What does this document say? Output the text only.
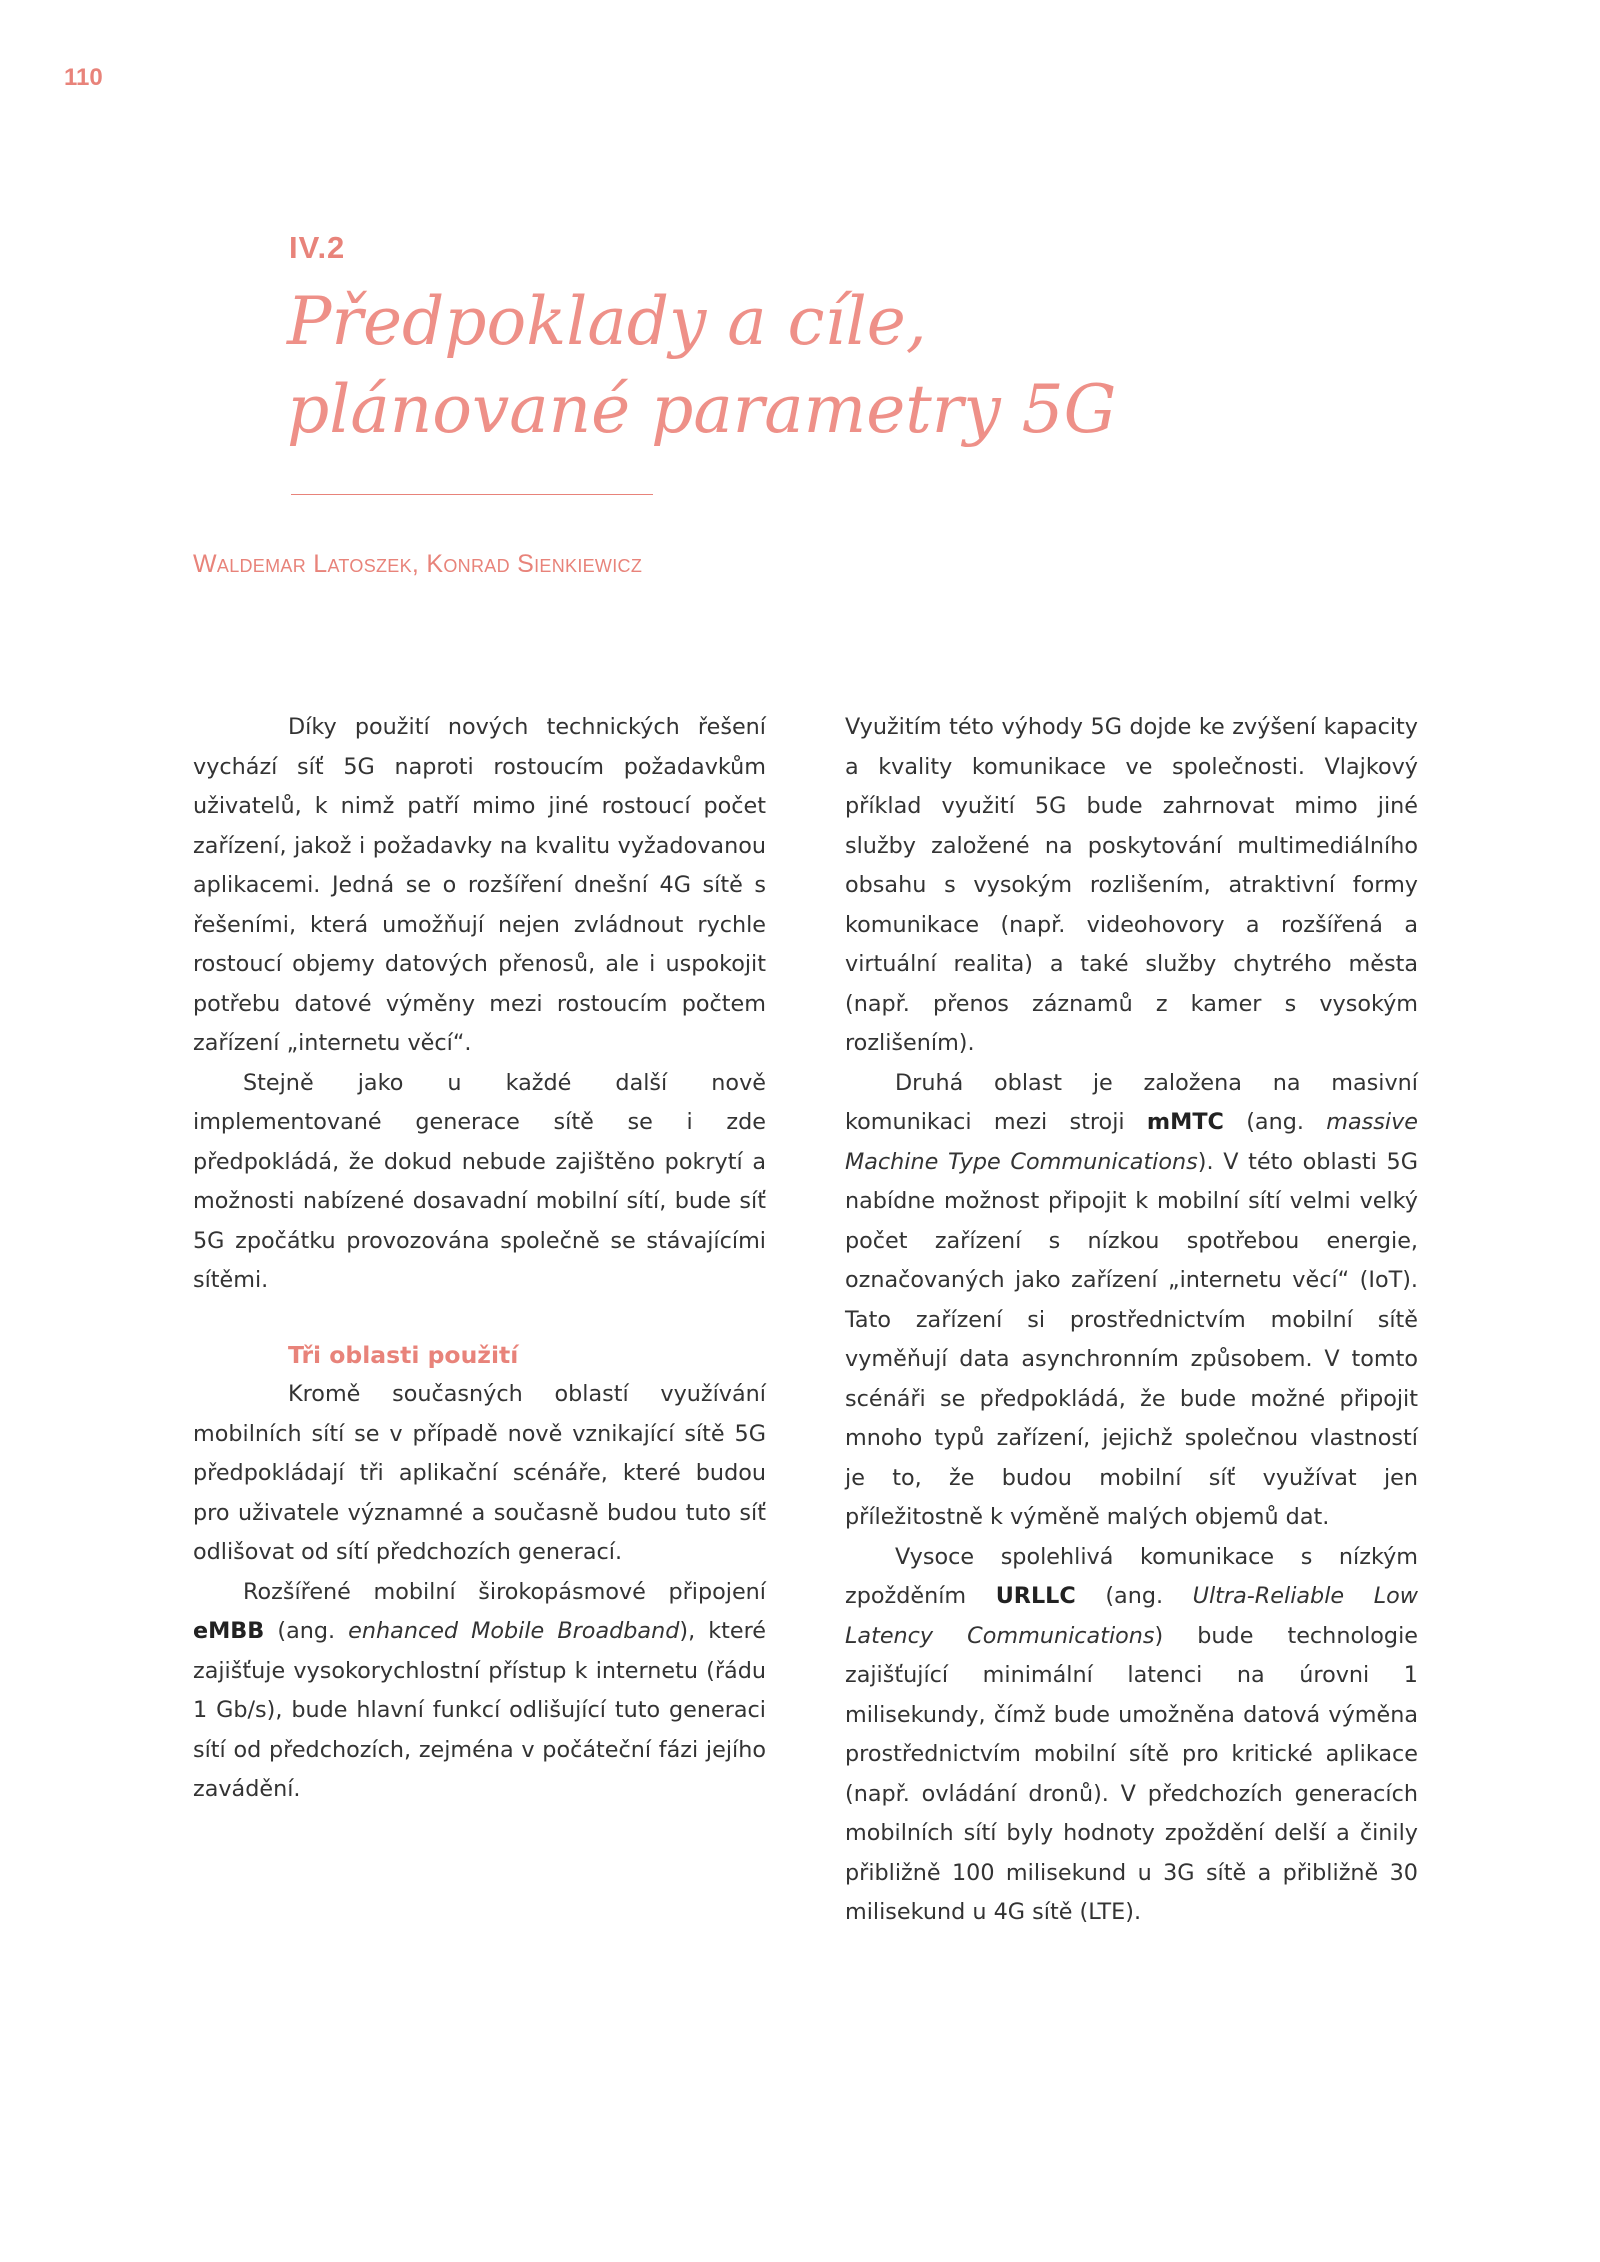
110
IV.2
Předpoklady a cíle,
plánované parametry 5G
Waldemar Latoszek, Konrad Sienkiewicz

Díky použití nových technických řešení vychází síť 5G naproti rostoucím požadavkům uživatelů, k nimž patří mimo jiné rostoucí počet zařízení, jakož i požadavky na kvalitu vyžadovanou aplikacemi. Jedná se o rozšíření dnešní 4G sítě s řešeními, která umožňují nejen zvládnout rychle rostoucí objemy datových přenosů, ale i uspokojit potřebu datové výměny mezi rostoucím počtem zařízení „internetu věcí“.

Stejně jako u každé další nově implementované generace sítě se i zde předpokládá, že dokud nebude zajištěno pokrytí a možnosti nabízené dosavadní mobilní sítí, bude síť 5G zpočátku provozována společně se stávajícími sítěmi.

Tři oblasti použití

Kromě současných oblastí využívání mobilních sítí se v případě nově vznikající sítě 5G předpokládají tři aplikační scénáře, které budou pro uživatele významné a současně budou tuto síť odlišovat od sítí předchozích generací.

Rozšířené mobilní širokopásmové připojení eMBB (ang. enhanced Mobile Broadband), které zajišťuje vysokorychlostní přístup k internetu (řádu 1 Gb/s), bude hlavní funkcí odlišující tuto generaci sítí od předchozích, zejména v počáteční fázi jejího zavádění.

Využitím této výhody 5G dojde ke zvýšení kapacity a kvality komunikace ve společnosti. Vlajkový příklad využití 5G bude zahrnovat mimo jiné služby založené na poskytování multimediálního obsahu s vysokým rozlišením, atraktivní formy komunikace (např. videohovory a rozšířená a virtuální realita) a také služby chytrého města (např. přenos záznamů z kamer s vysokým rozlišením).

Druhá oblast je založena na masivní komunikaci mezi stroji mMTC (ang. massive Machine Type Communications). V této oblasti 5G nabídne možnost připojit k mobilní sítí velmi velký počet zařízení s nízkou spotřebou energie, označovaných jako zařízení „internetu věcí“ (IoT). Tato zařízení si prostřednictvím mobilní sítě vyměňují data asynchronním způsobem. V tomto scénáři se předpokládá, že bude možné připojit mnoho typů zařízení, jejichž společnou vlastností je to, že budou mobilní síť využívat jen příležitostně k výměně malých objemů dat.

Vysoce spolehlivá komunikace s nízkým zpožděním URLLC (ang. Ultra-Reliable Low Latency Communications) bude technologie zajišťující minimální latenci na úrovni 1 milisekundy, čímž bude umožněna datová výměna prostřednictvím mobilní sítě pro kritické aplikace (např. ovládání dronů). V předchozích generacích mobilních sítí byly hodnoty zpoždění delší a činily přibližně 100 milisekund u 3G sítě a přibližně 30 milisekund u 4G sítě (LTE).
